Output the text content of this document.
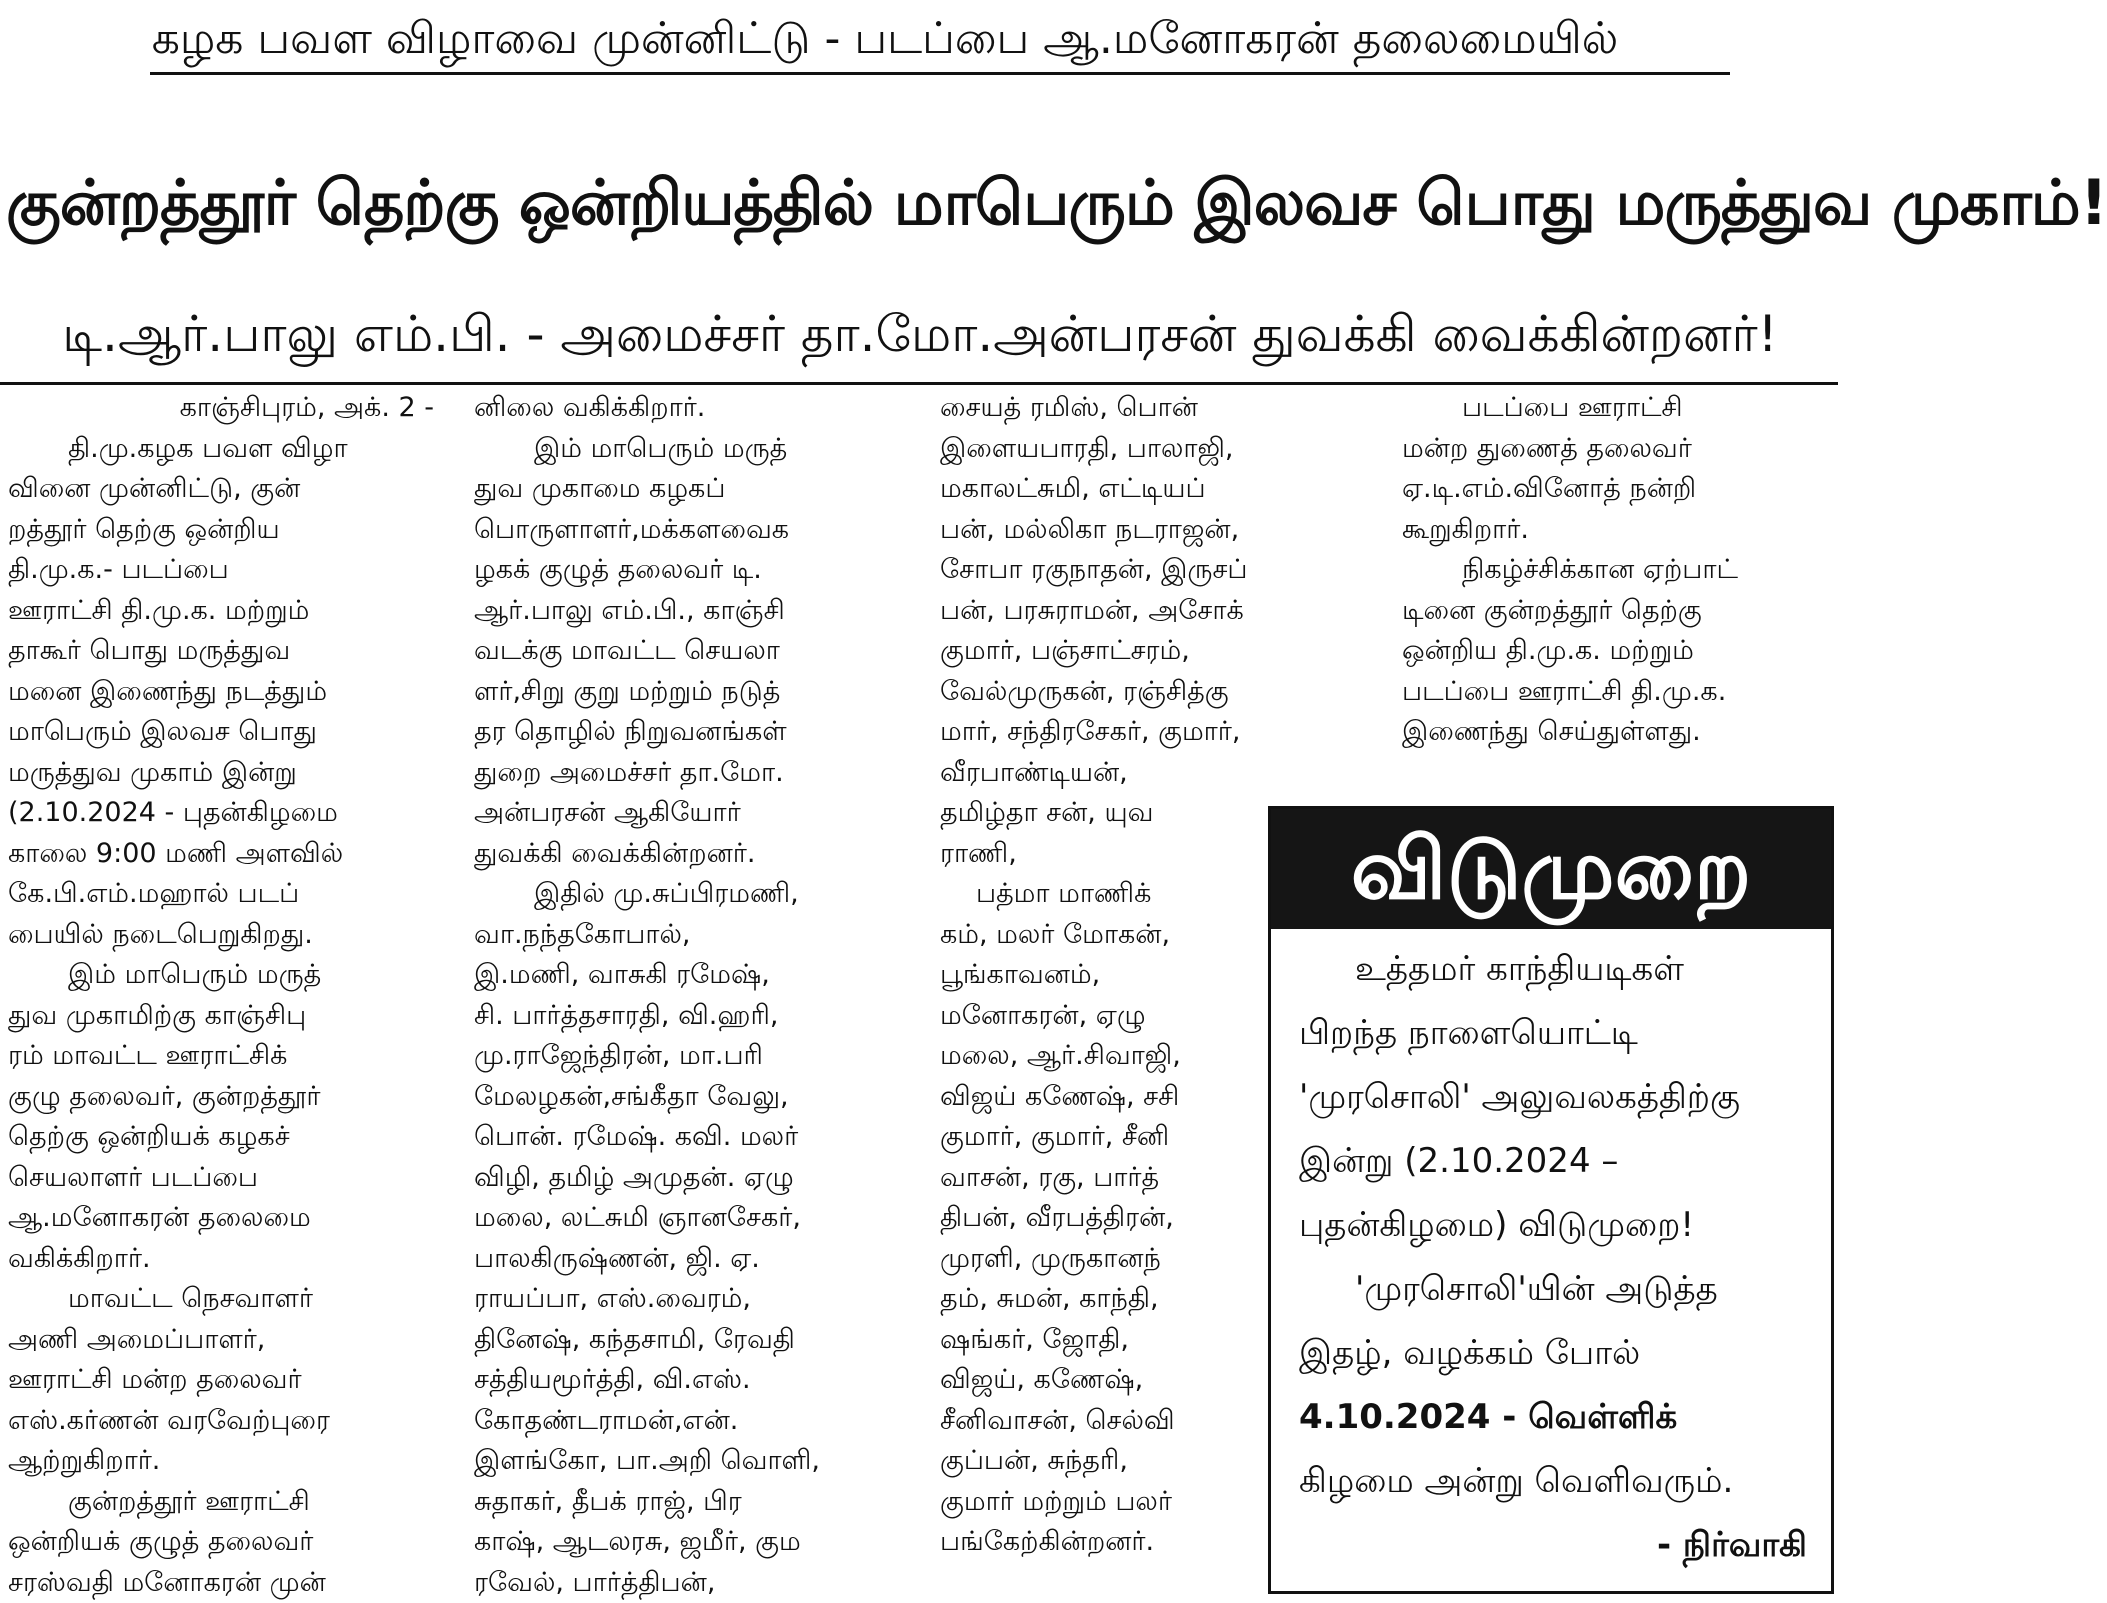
கழக பவள விழாவை முன்னிட்டு - படப்பை ஆ.மனோகரன் தலைமையில்
குன்றத்தூர் தெற்கு ஒன்றியத்தில் மாபெரும் இலவச பொது மருத்துவ முகாம்!
டி.ஆர்.பாலு எம்.பி. - அமைச்சர் தா.மோ.அன்பரசன் துவக்கி வைக்கின்றனர்!
காஞ்சிபுரம், அக். 2 -
தி.மு.கழக பவள விழா
வினை முன்னிட்டு, குன்
றத்தூர் தெற்கு ஒன்றிய
தி.மு.க.- படப்பை
ஊராட்சி தி.மு.க. மற்றும்
தாகூர் பொது மருத்துவ
மனை இணைந்து நடத்தும்
மாபெரும் இலவச பொது
மருத்துவ முகாம் இன்று
(2.10.2024 - புதன்கிழமை
காலை 9:00 மணி அளவில்
கே.பி.எம்.மஹால் படப்
பையில் நடைபெறுகிறது.
இம் மாபெரும் மருத்
துவ முகாமிற்கு காஞ்சிபு
ரம் மாவட்ட ஊராட்சிக்
குழு தலைவர், குன்றத்தூர்
தெற்கு ஒன்றியக் கழகச்
செயலாளர் படப்பை
ஆ.மனோகரன் தலைமை
வகிக்கிறார்.
மாவட்ட நெசவாளர்
அணி அமைப்பாளர்,
ஊராட்சி மன்ற தலைவர்
எஸ்.கர்ணன் வரவேற்புரை
ஆற்றுகிறார்.
குன்றத்தூர் ஊராட்சி
ஒன்றியக் குழுத் தலைவர்
சரஸ்வதி மனோகரன் முன்
னிலை வகிக்கிறார்.
இம் மாபெரும் மருத்
துவ முகாமை கழகப்
பொருளாளர்,மக்களவைக
ழகக் குழுத் தலைவர் டி.
ஆர்.பாலு எம்.பி., காஞ்சி
வடக்கு மாவட்ட செயலா
ளர்,சிறு குறு மற்றும் நடுத்
தர தொழில் நிறுவனங்கள்
துறை அமைச்சர் தா.மோ.
அன்பரசன் ஆகியோர்
துவக்கி வைக்கின்றனர்.
இதில் மு.சுப்பிரமணி,
வா.நந்தகோபால்,
இ.மணி, வாசுகி ரமேஷ்,
சி. பார்த்தசாரதி, வி.ஹரி,
மு.ராஜேந்திரன், மா.பரி
மேலழகன்,சங்கீதா வேலு,
பொன். ரமேஷ். கவி. மலர்
விழி, தமிழ் அமுதன். ஏழு
மலை, லட்சுமி ஞானசேகர்,
பாலகிருஷ்ணன், ஜி. ஏ.
ராயப்பா, எஸ்.வைரம்,
தினேஷ், கந்தசாமி, ரேவதி
சத்தியமூர்த்தி, வி.எஸ்.
கோதண்டராமன்,என்.
இளங்கோ, பா.அறி வொளி,
சுதாகர், தீபக் ராஜ், பிர
காஷ், ஆடலரசு, ஜமீர், கும
ரவேல், பார்த்திபன்,
சையத் ரமிஸ், பொன்
இளையபாரதி, பாலாஜி,
மகாலட்சுமி, எட்டியப்
பன், மல்லிகா நடராஜன்,
சோபா ரகுநாதன், இருசப்
பன், பரசுராமன், அசோக்
குமார், பஞ்சாட்சரம்,
வேல்முருகன், ரஞ்சித்கு
மார், சந்திரசேகர், குமார்,
வீரபாண்டியன்,
தமிழ்தா சன், யுவ
ராணி,
பத்மா மாணிக்
கம், மலர் மோகன்,
பூங்காவனம்,
மனோகரன், ஏழு
மலை, ஆர்.சிவாஜி,
விஜய் கணேஷ், சசி
குமார், குமார், சீனி
வாசன், ரகு, பார்த்
திபன், வீரபத்திரன்,
முரளி, முருகானந்
தம், சுமன், காந்தி,
ஷங்கர், ஜோதி,
விஜய், கணேஷ்,
சீனிவாசன், செல்வி
குப்பன், சுந்தரி,
குமார் மற்றும் பலர்
பங்கேற்கின்றனர்.
படப்பை ஊராட்சி
மன்ற துணைத் தலைவர்
ஏ.டி.எம்.வினோத் நன்றி
கூறுகிறார்.
நிகழ்ச்சிக்கான ஏற்பாட்
டினை குன்றத்தூர் தெற்கு
ஒன்றிய தி.மு.க. மற்றும்
படப்பை ஊராட்சி தி.மு.க.
இணைந்து செய்துள்ளது.
விடுமுறை
உத்தமர் காந்தியடிகள்
பிறந்த நாளையொட்டி
'முரசொலி' அலுவலகத்திற்கு
இன்று (2.10.2024 –
புதன்கிழமை) விடுமுறை!
'முரசொலி'யின் அடுத்த
இதழ், வழக்கம் போல்
4.10.2024 - வெள்ளிக்
கிழமை அன்று வெளிவரும்.
- நிர்வாகி
